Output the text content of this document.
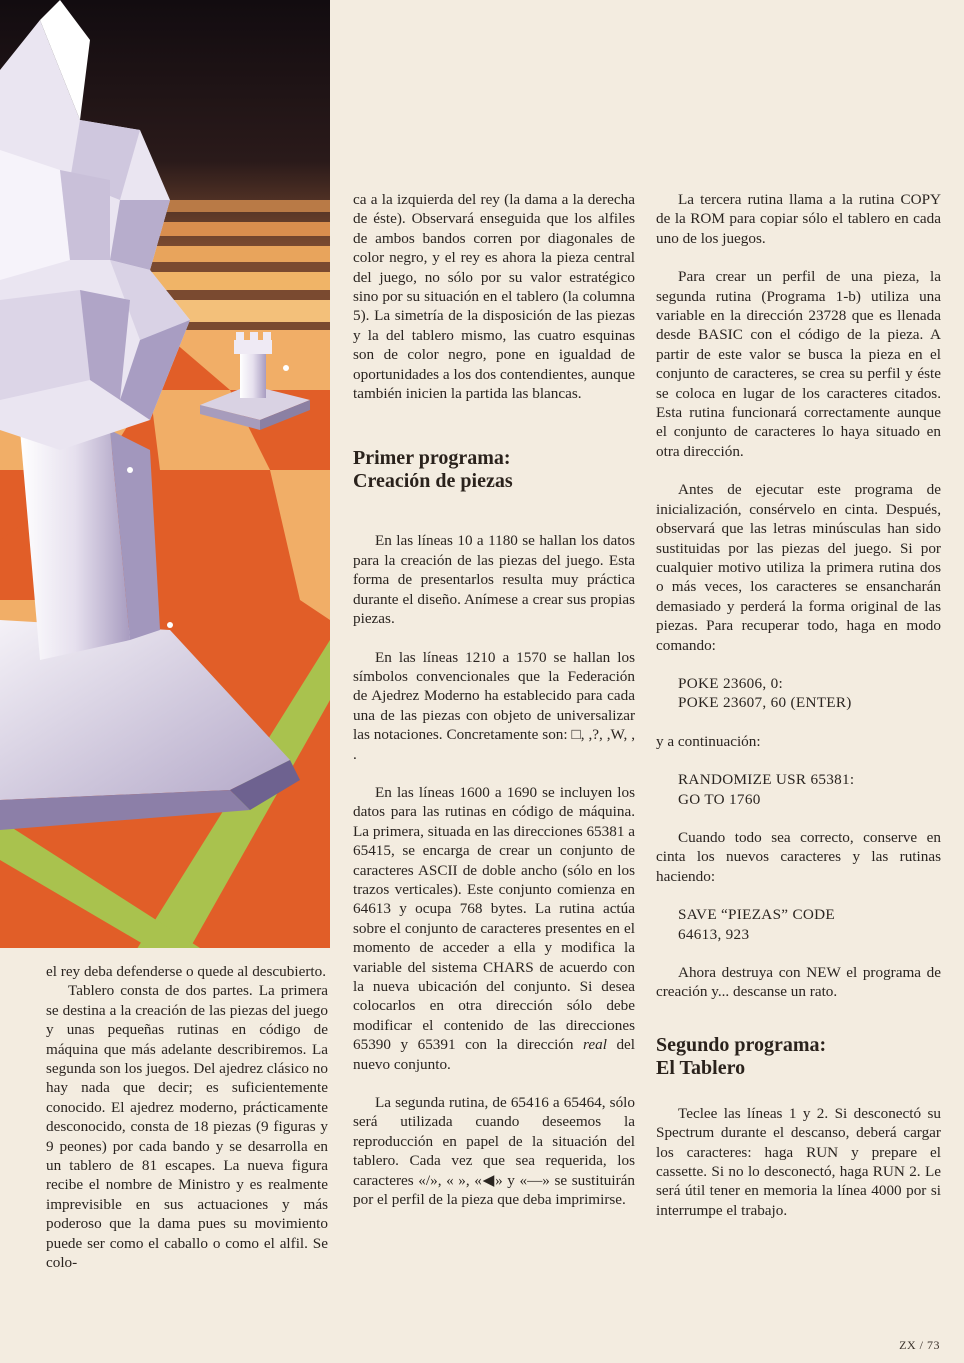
el rey deba defenderse o quede al descubierto.

Tablero consta de dos partes. La primera se destina a la creación de las piezas del juego y unas pequeñas rutinas en código de máquina que más adelante describiremos. La segunda son los juegos. Del ajedrez clásico no hay nada que decir; es suficientemente conocido. El ajedrez moderno, prácticamente desconocido, consta de 18 piezas (9 figuras y 9 peones) por cada bando y se desarrolla en un tablero de 81 escapes. La nueva figura recibe el nombre de Ministro y es realmente imprevisible en sus actuaciones y más poderoso que la dama pues su movimiento puede ser como el caballo o como el alfil. Se colo-

ca a la izquierda del rey (la dama a la derecha de éste). Observará enseguida que los alfiles de ambos bandos corren por diagonales de color negro, y el rey es ahora la pieza central del juego, no sólo por su valor estratégico sino por su situación en el tablero (la columna 5). La simetría de la disposición de las piezas y la del tablero mismo, las cuatro esquinas son de color negro, pone en igualdad de oportunidades a los dos contendientes, aunque también inicien la partida las blancas.

Primer programa:
Creación de piezas

En las líneas 10 a 1180 se hallan los datos para la creación de las piezas del juego. Esta forma de presentarlos resulta muy práctica durante el diseño. Anímese a crear sus propias piezas.

En las líneas 1210 a 1570 se hallan los símbolos convencionales que la Federación de Ajedrez Moderno ha establecido para cada una de las piezas con objeto de universalizar las notaciones. Concretamente son: □, ,?, ,W, , .

En las líneas 1600 a 1690 se incluyen los datos para las rutinas en código de máquina. La primera, situada en las direcciones 65381 a 65415, se encarga de crear un conjunto de caracteres ASCII de doble ancho (sólo en los trazos verticales). Este conjunto comienza en 64613 y ocupa 768 bytes. La rutina actúa sobre el conjunto de caracteres presentes en el momento de acceder a ella y modifica la variable del sistema CHARS de acuerdo con la nueva ubicación del conjunto. Si desea colocarlos en otra dirección sólo debe modificar el contenido de las direcciones 65390 y 65391 con la dirección real del nuevo conjunto.

La segunda rutina, de 65416 a 65464, sólo será utilizada cuando deseemos la reproducción en papel de la situación del tablero. Cada vez que sea requerida, los caracteres «/», « », «◀» y «—» se sustituirán por el perfil de la pieza que deba imprimirse.

La tercera rutina llama a la rutina COPY de la ROM para copiar sólo el tablero en cada uno de los juegos.

Para crear un perfil de una pieza, la segunda rutina (Programa 1-b) utiliza una variable en la dirección 23728 que es llenada desde BASIC con el código de la pieza. A partir de este valor se busca la pieza en el conjunto de caracteres, se crea su perfil y éste se coloca en lugar de los caracteres citados. Esta rutina funcionará correctamente aunque el conjunto de caracteres lo haya situado en otra dirección.

Antes de ejecutar este programa de inicialización, consérvelo en cinta. Después, observará que las letras minúsculas han sido sustituidas por las piezas del juego. Si por cualquier motivo utiliza la primera rutina dos o más veces, los caracteres se ensancharán demasiado y perderá la forma original de las piezas. Para recuperar todo, haga en modo comando:

POKE 23606, 0:

POKE 23607, 60 (ENTER)

y a continuación:

RANDOMIZE USR 65381:

GO TO 1760

Cuando todo sea correcto, conserve en cinta los nuevos caracteres y las rutinas haciendo:

SAVE “PIEZAS” CODE

64613, 923

Ahora destruya con NEW el programa de creación y... descanse un rato.

Segundo programa:
El Tablero

Teclee las líneas 1 y 2. Si desconectó su Spectrum durante el descanso, deberá cargar los caracteres: haga RUN y prepare el cassette. Si no lo desconectó, haga RUN 2. Le será útil tener en memoria la línea 4000 por si interrumpe el trabajo.

ZX / 73
